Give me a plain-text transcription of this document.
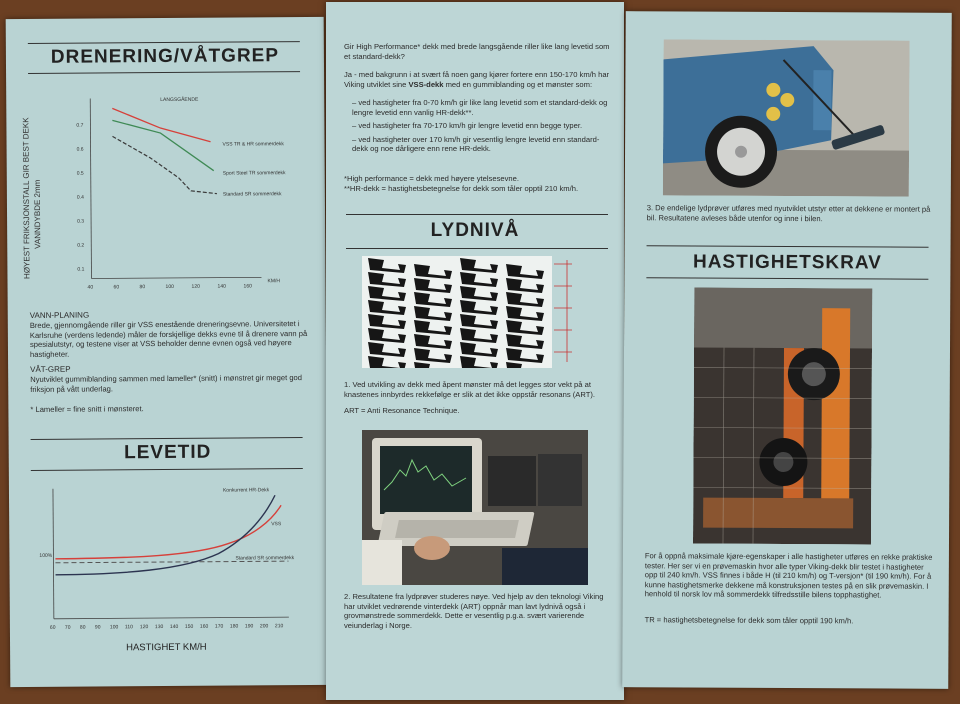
DRENERING/VÅTGREP
HØYEST FRIKSJONSTALL GIR BEST DEKK VANNDYBDE 2mm
0.7
0.6
0.5
0.4
0.3
0.2
0.1
40	60	80	100	120	140	160
LANGSGÅENDE
KM/H
VSS TR & HR sommerdekk
Sport Steel TR sommerdekk
Standard SR sommerdekk
VANN-PLANING
Brede, gjennomgående riller gir VSS enestående dreneringsevne. Universitetet i Karlsruhe (verdens ledende) måler de forskjellige dekks evne til å drenere vann på spesialutstyr, og testene viser at VSS beholder denne evnen også ved høyere hastigheter.
VÅT-GREP
Nyutviklet gummiblanding sammen med lameller* (snitt) i mønstret gir meget god friksjon på vått underlag.
* Lameller = fine snitt i mønsteret.
LEVETID
60 70 80 90 100 110 120 130 140 150 160 170 180 190 200 210
100%
Konkurrent HR-Dekk
VSS
Standard SR sommerdekk
HASTIGHET KM/H
Gir High Performance* dekk med brede langsgående riller like lang levetid som et standard-dekk?
Ja - med bakgrunn i at svært få noen gang kjører fortere enn 150-170 km/h har Viking utviklet sine VSS-dekk med en gummiblanding og et mønster som:
– ved hastigheter fra 0-70 km/h gir like lang levetid som et standard-dekk og lengre levetid enn vanlig HR-dekk**.
– ved hastigheter fra 70-170 km/h gir lengre levetid enn begge typer.
– ved hastigheter over 170 km/h gir vesentlig lengre levetid enn standard-dekk og noe dårligere enn rene HR-dekk.
*High performance = dekk med høyere ytelsesevne.
**HR-dekk = hastighetsbetegnelse for dekk som tåler opptil 210 km/h.
LYDNIVÅ
1. Ved utvikling av dekk med åpent mønster må det legges stor vekt på at knastenes innbyrdes rekkefølge er slik at det ikke oppstår resonans (ART).
ART = Anti Resonance Technique.
2. Resultatene fra lydprøver studeres nøye. Ved hjelp av den teknologi Viking har utviklet vedrørende vinterdekk (ART) oppnår man lavt lydnivå også i grovmønstrede sommerdekk. Dette er vesentlig p.g.a. svært varierende veiunderlag i Norge.
3. De endelige lydprøver utføres med nyutviklet utstyr etter at dekkene er montert på bil. Resultatene avleses både utenfor og inne i bilen.
HASTIGHETSKRAV
For å oppnå maksimale kjøre-egenskaper i alle hastigheter utføres en rekke praktiske tester. Her ser vi en prøvemaskin hvor alle typer Viking-dekk blir testet i hastigheter opp til 240 km/h. VSS finnes i både H (til 210 km/h) og T-versjon* (til 190 km/h). For å kunne hastighetsmerke dekkene må konstruksjonen testes på en slik prøvemaskin. I henhold til norsk lov må sommerdekk tilfredsstille bilens topphastighet.
TR = hastighetsbetegnelse for dekk som tåler opptil 190 km/h.
